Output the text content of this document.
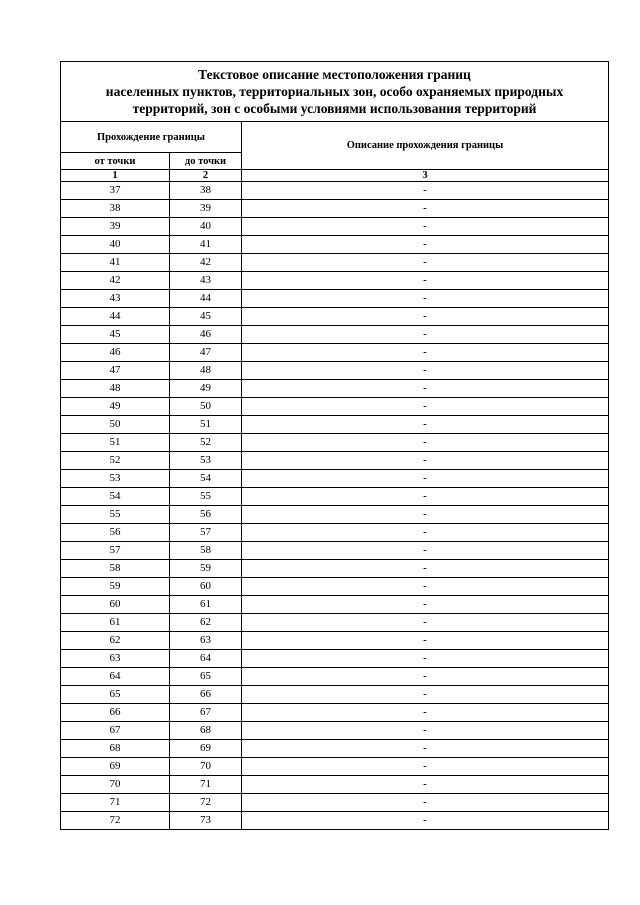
Текстовое описание местоположения границ
населенных пунктов, территориальных зон, особо охраняемых природных
территорий, зон с особыми условиями использования территорий		

Прохождение границы		Описание прохождения границы
от точки	до точки	
1	2	3
37	38	-
38	39	-
39	40	-
40	41	-
41	42	-
42	43	-
43	44	-
44	45	-
45	46	-
46	47	-
47	48	-
48	49	-
49	50	-
50	51	-
51	52	-
52	53	-
53	54	-
54	55	-
55	56	-
56	57	-
57	58	-
58	59	-
59	60	-
60	61	-
61	62	-
62	63	-
63	64	-
64	65	-
65	66	-
66	67	-
67	68	-
68	69	-
69	70	-
70	71	-
71	72	-
72	73	-
